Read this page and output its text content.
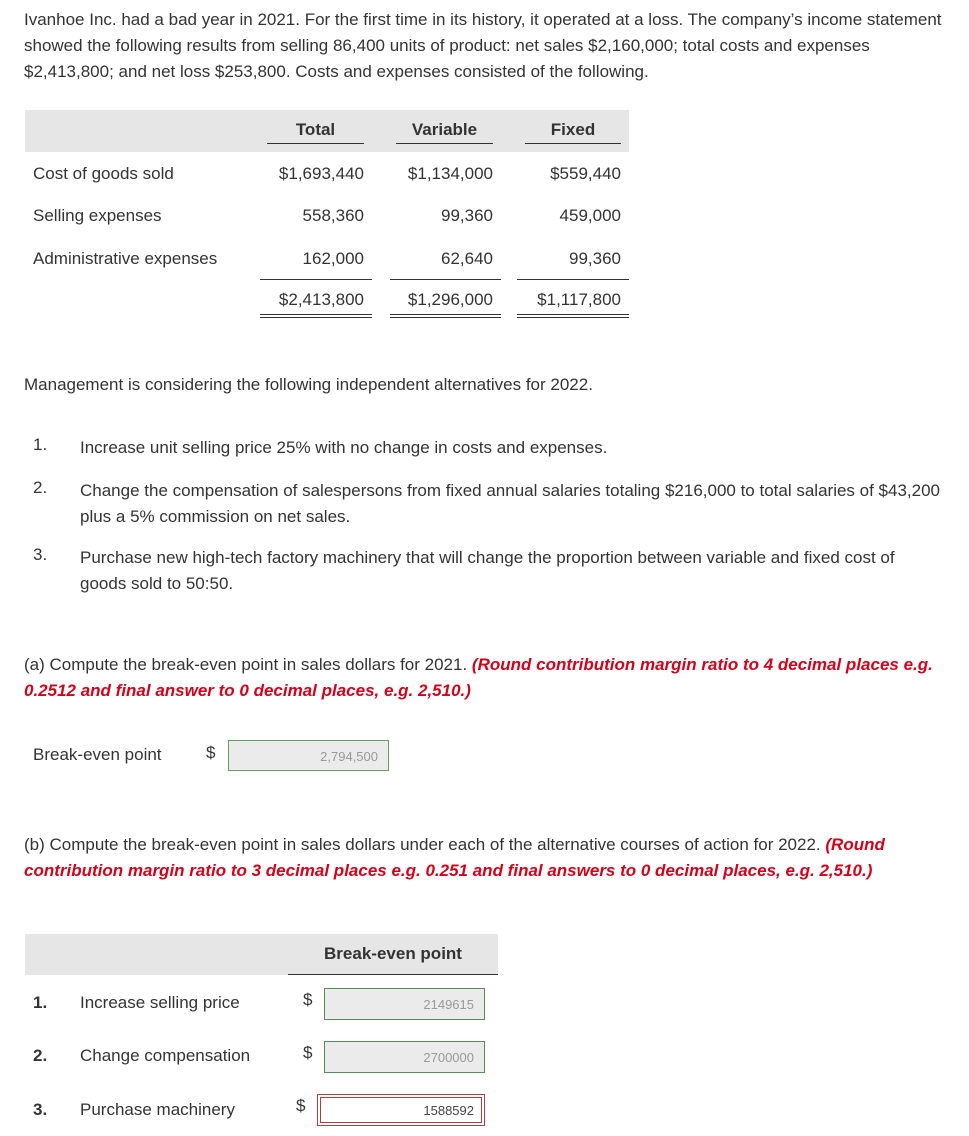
Ivanhoe Inc. had a bad year in 2021. For the first time in its history, it operated at a loss. The company’s income statement showed the following results from selling 86,400 units of product: net sales $2,160,000; total costs and expenses $2,413,800; and net loss $253,800. Costs and expenses consisted of the following.
Total	Variable	Fixed
Cost of goods sold	$1,693,440	$1,134,000	$559,440
Selling expenses	558,360	99,360	459,000
Administrative expenses	162,000	62,640	99,360
$2,413,800	$1,296,000	$1,117,800
Management is considering the following independent alternatives for 2022.
1. Increase unit selling price 25% with no change in costs and expenses.
2. Change the compensation of salespersons from fixed annual salaries totaling $216,000 to total salaries of $43,200 plus a 5% commission on net sales.
3. Purchase new high-tech factory machinery that will change the proportion between variable and fixed cost of goods sold to 50:50.
(a) Compute the break-even point in sales dollars for 2021. (Round contribution margin ratio to 4 decimal places e.g. 0.2512 and final answer to 0 decimal places, e.g. 2,510.)
Break-even point	$	2,794,500
(b) Compute the break-even point in sales dollars under each of the alternative courses of action for 2022. (Round contribution margin ratio to 3 decimal places e.g. 0.251 and final answers to 0 decimal places, e.g. 2,510.)
Break-even point
1. Increase selling price	$	2149615
2. Change compensation	$	2700000
3. Purchase machinery	$	1588592
